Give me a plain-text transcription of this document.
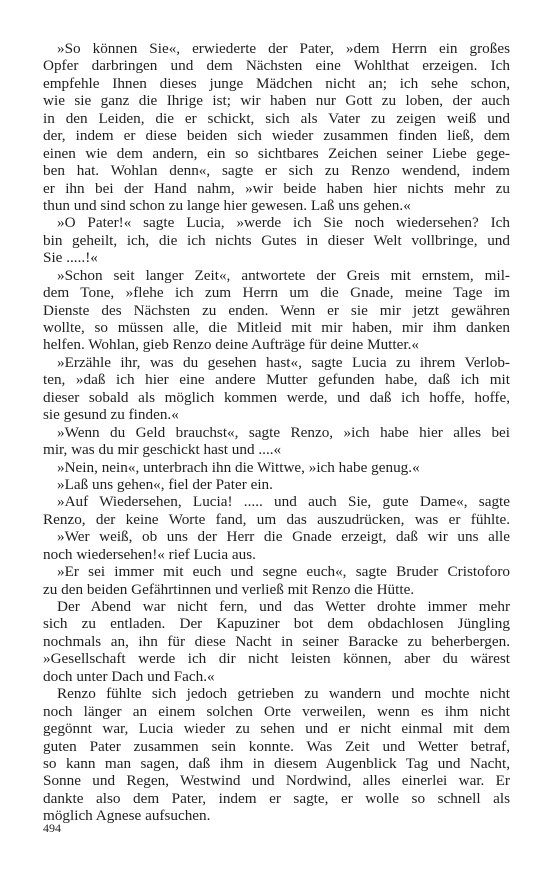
»So können Sie«, erwiederte der Pater, »dem Herrn ein großes
Opfer darbringen und dem Nächsten eine Wohlthat erzeigen. Ich
empfehle Ihnen dieses junge Mädchen nicht an; ich sehe schon,
wie sie ganz die Ihrige ist; wir haben nur Gott zu loben, der auch
in den Leiden, die er schickt, sich als Vater zu zeigen weiß und
der, indem er diese beiden sich wieder zusammen finden ließ, dem
einen wie dem andern, ein so sichtbares Zeichen seiner Liebe gege-
ben hat. Wohlan denn«, sagte er sich zu Renzo wendend, indem
er ihn bei der Hand nahm, »wir beide haben hier nichts mehr zu
thun und sind schon zu lange hier gewesen. Laß uns gehen.«
»O Pater!« sagte Lucia, »werde ich Sie noch wiedersehen? Ich
bin geheilt, ich, die ich nichts Gutes in dieser Welt vollbringe, und
Sie .....!«
»Schon seit langer Zeit«, antwortete der Greis mit ernstem, mil-
dem Tone, »flehe ich zum Herrn um die Gnade, meine Tage im
Dienste des Nächsten zu enden. Wenn er sie mir jetzt gewähren
wollte, so müssen alle, die Mitleid mit mir haben, mir ihm danken
helfen. Wohlan, gieb Renzo deine Aufträge für deine Mutter.«
»Erzähle ihr, was du gesehen hast«, sagte Lucia zu ihrem Verlob-
ten, »daß ich hier eine andere Mutter gefunden habe, daß ich mit
dieser sobald als möglich kommen werde, und daß ich hoffe, hoffe,
sie gesund zu finden.«
»Wenn du Geld brauchst«, sagte Renzo, »ich habe hier alles bei
mir, was du mir geschickt hast und ....«
»Nein, nein«, unterbrach ihn die Wittwe, »ich habe genug.«
»Laß uns gehen«, fiel der Pater ein.
»Auf Wiedersehen, Lucia! ..... und auch Sie, gute Dame«, sagte
Renzo, der keine Worte fand, um das auszudrücken, was er fühlte.
»Wer weiß, ob uns der Herr die Gnade erzeigt, daß wir uns alle
noch wiedersehen!« rief Lucia aus.
»Er sei immer mit euch und segne euch«, sagte Bruder Cristoforo
zu den beiden Gefährtinnen und verließ mit Renzo die Hütte.
Der Abend war nicht fern, und das Wetter drohte immer mehr
sich zu entladen. Der Kapuziner bot dem obdachlosen Jüngling
nochmals an, ihn für diese Nacht in seiner Baracke zu beherbergen.
»Gesellschaft werde ich dir nicht leisten können, aber du wärest
doch unter Dach und Fach.«
Renzo fühlte sich jedoch getrieben zu wandern und mochte nicht
noch länger an einem solchen Orte verweilen, wenn es ihm nicht
gegönnt war, Lucia wieder zu sehen und er nicht einmal mit dem
guten Pater zusammen sein konnte. Was Zeit und Wetter betraf,
so kann man sagen, daß ihm in diesem Augenblick Tag und Nacht,
Sonne und Regen, Westwind und Nordwind, alles einerlei war. Er
dankte also dem Pater, indem er sagte, er wolle so schnell als
möglich Agnese aufsuchen.
494
